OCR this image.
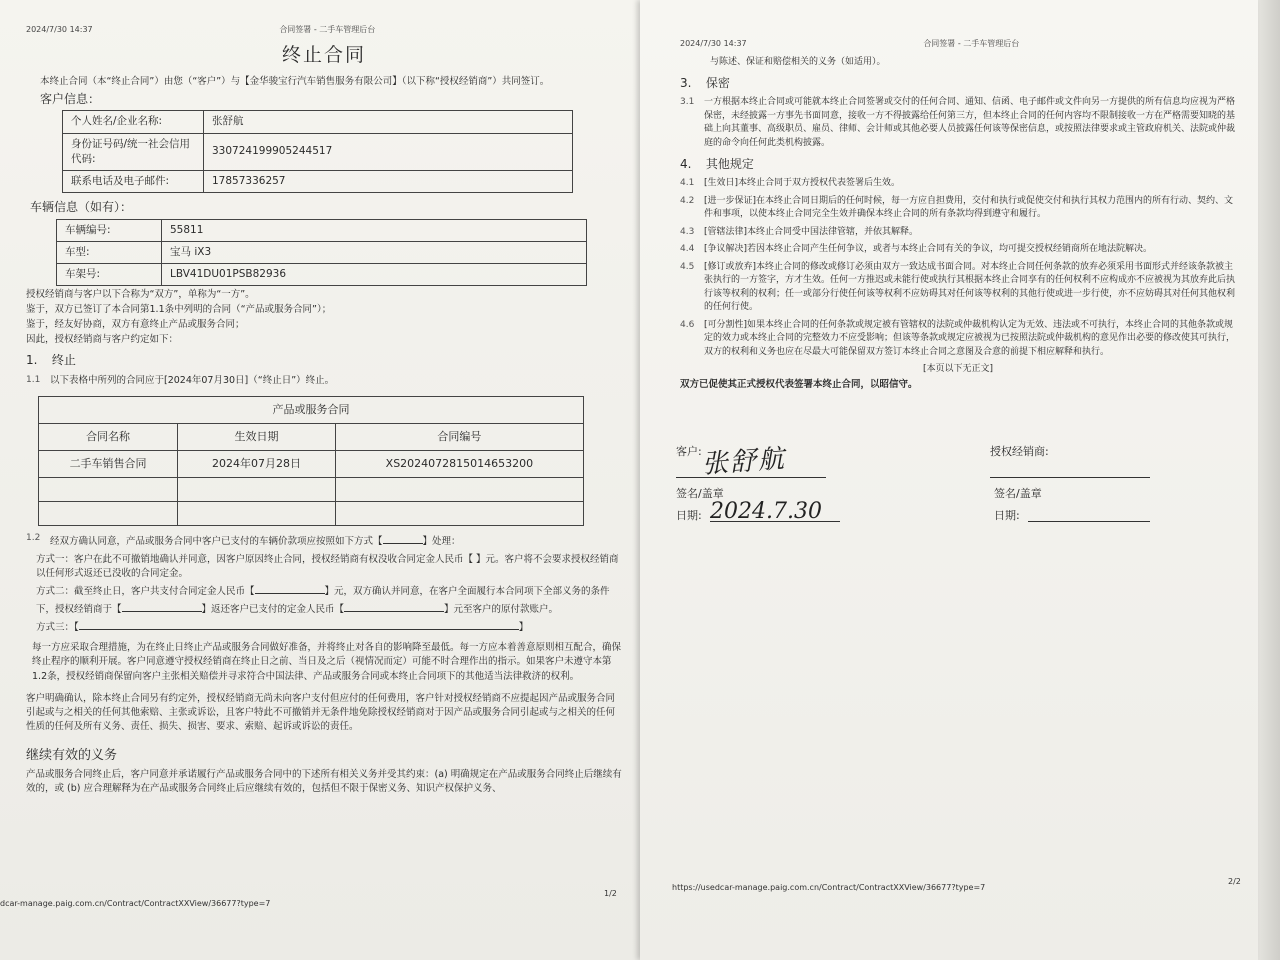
2024/7/30 14:37	合同签署 - 二手车管理后台
终止合同
本终止合同（本“终止合同”）由您（“客户”）与【金华骏宝行汽车销售服务有限公司】（以下称“授权经销商”）共同签订。
客户信息：
个人姓名/企业名称:	张舒航
身份证号码/统一社会信用代码:	330724199905244517
联系电话及电子邮件:	17857336257
车辆信息（如有）：
车辆编号:	55811
车型:	宝马 iX3
车架号:	LBV41DU01PSB82936
授权经销商与客户以下合称为“双方”，单称为“一方”。
鉴于，双方已签订了本合同第1.1条中列明的合同（“产品或服务合同”）；
鉴于，经友好协商，双方有意终止产品或服务合同；
因此，授权经销商与客户约定如下：
1. 终止
1.1	以下表格中所列的合同应于[2024年07月30日]（“终止日”）终止。
产品或服务合同		
合同名称	生效日期	合同编号
二手车销售合同	2024年07月28日	XS20240728150146532​00

1.2	经双方确认同意，产品或服务合同中客户已支付的车辆价款项应按照如下方式【	】处理：
方式一：客户在此不可撤销地确认并同意，因客户原因终止合同，授权经销商有权没收合同定金人民币【 】元。客户将不会要求授权经销商以任何形式返还已没收的合同定金。
方式二：截至终止日，客户共支付合同定金人民币【	】元，双方确认并同意，在客户全面履行本合同项下全部义务的条件下，授权经销商于【	】返还客户已支付的定金人民币【	】元至客户的原付款账户。
方式三：【	】
每一方应采取合理措施，为在终止日终止产品或服务合同做好准备，并将终止对各自的影响降至最低。每一方应本着善意原则相互配合，确保终止程序的顺利开展。客户同意遵守授权经销商在终止日之前、当日及之后（视情况而定）可能不时合理作出的指示。如果客户未遵守本第1.2条，授权经销商保留向客户主张相关赔偿并寻求符合中国法律、产品或服务合同或本终止合同项下的其他适当法律救济的权利。
客户明确确认，除本终止合同另有约定外，授权经销商无尚未向客户支付但应付的任何费用，客户针对授权经销商不应提起因产品或服务合同引起或与之相关的任何其他索赔、主张或诉讼，且客户特此不可撤销并无条件地免除授权经销商对于因产品或服务合同引起或与之相关的任何性质的任何及所有义务、责任、损失、损害、要求、索赔、起诉或诉讼的责任。
继续有效的义务
产品或服务合同终止后，客户同意并承诺履行产品或服务合同中的下述所有相关义务并受其约束：(a) 明确规定在产品或服务合同终止后继续有效的，或 (b) 应合理解释为在产品或服务合同终止后应继续有效的，包括但不限于保密义务、知识产权保护义务、
dcar-manage.paig.com.cn/Contract/ContractXXView/36677?type=7
1/2
2024/7/30 14:37	合同签署 - 二手车管理后台
与陈述、保证和赔偿相关的义务（如适用）。
3. 保密
3.1	一方根据本终止合同或可能就本终止合同签署或交付的任何合同、通知、信函、电子邮件或文件向另一方提供的所有信息均应视为严格保密，未经披露一方事先书面同意，接收一方不得披露给任何第三方，但本终止合同的任何内容均不限制接收一方在严格需要知晓的基础上向其董事、高级职员、雇员、律师、会计师或其他必要人员披露任何该等保密信息，或按照法律要求或主管政府机关、法院或仲裁庭的命令向任何此类机构披露。
4. 其他规定
4.1	[生效日]本终止合同于双方授权代表签署后生效。
4.2	[进一步保证]在本终止合同日期后的任何时候，每一方应自担费用，交付和执行或促使交付和执行其权力范围内的所有行动、契约、文件和事项，以使本终止合同完全生效并确保本终止合同的所有条款均得到遵守和履行。
4.3	[管辖法律]本终止合同受中国法律管辖，并依其解释。
4.4	[争议解决]若因本终止合同产生任何争议，或者与本终止合同有关的争议，均可提交授权经销商所在地法院解决。
4.5	[修订或放弃]本终止合同的修改或修订必须由双方一致达成书面合同。对本终止合同任何条款的放弃必须采用书面形式并经该条款被主张执行的一方签字，方才生效。任何一方推迟或未能行使或执行其根据本终止合同享有的任何权利不应构成亦不应被视为其放弃此后执行该等权利的权利；任一或部分行使任何该等权利不应妨碍其对任何该等权利的其他行使或进一步行使，亦不应妨碍其对任何其他权利的任何行使。
4.6	[可分割性]如果本终止合同的任何条款或规定被有管辖权的法院或仲裁机构认定为无效、违法或不可执行，本终止合同的其他条款或规定的效力或本终止合同的完整效力不应受影响；但该等条款或规定应被视为已按照法院或仲裁机构的意见作出必要的修改使其可执行，双方的权利和义务也应在尽最大可能保留双方签订本终止合同之意图及合意的前提下相应解释和执行。
[本页以下无正文]
双方已促使其正式授权代表签署本终止合同，以昭信守。
客户: 张舒航	授权经销商:
签名/盖章	签名/盖章
日期: 2024.7.30	日期:
https://usedcar-manage.paig.com.cn/Contract/ContractXXView/36677?type=7
2/2
